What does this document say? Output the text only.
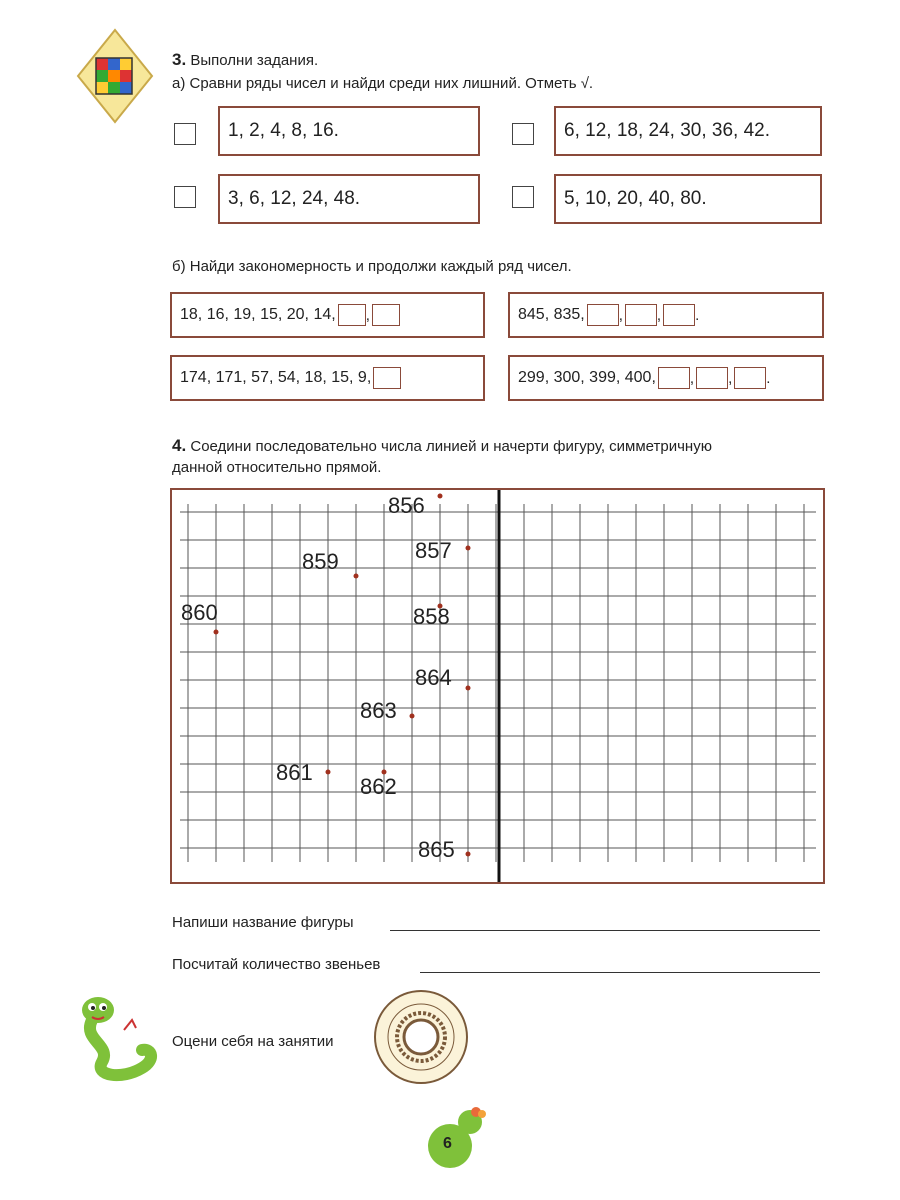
3. Выполни задания.
а) Сравни ряды чисел и найди среди них лишний. Отметь √.
1, 2, 4, 8, 16.	6, 12, 18, 24, 30, 36, 42.
3, 6, 12, 24, 48.	5, 10, 20, 40, 80.
б) Найди закономерность и продолжи каждый ряд чисел.
18, 16, 19, 15, 20, 14, ,	845, 835, , , .
174, 171, 57, 54, 18, 15, 9,	299, 300, 399, 400, , , .
4. Соедини последовательно числа линией и начерти фигуру, симметричную
данной относительно прямой.
856
857
858
859
860
861
862
863
864
865
Напиши название фигуры
Посчитай количество звеньев
Оцени себя на занятии
6
